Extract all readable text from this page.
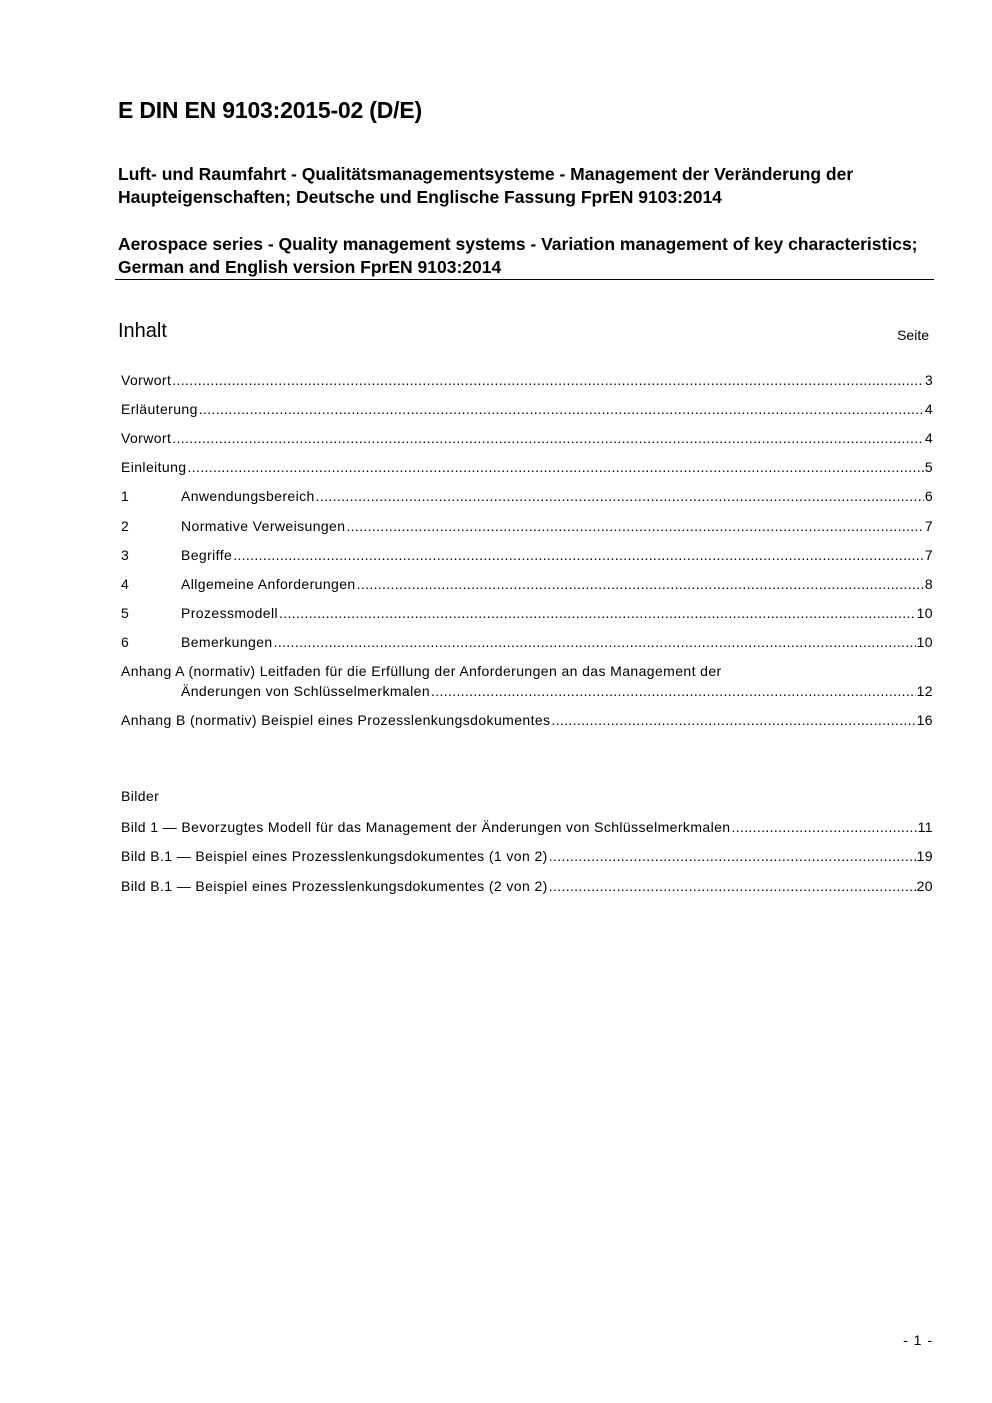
E DIN EN 9103:2015-02 (D/E)
Luft- und Raumfahrt - Qualitätsmanagementsysteme - Management der Veränderung der Haupteigenschaften; Deutsche und Englische Fassung FprEN 9103:2014
Aerospace series - Quality management systems - Variation management of key characteristics; German and English version FprEN 9103:2014
Inhalt	Seite
Vorwort .....	3
Erläuterung .....	4
Vorwort .....	4
Einleitung .....	5
1	Anwendungsbereich .....	6
2	Normative Verweisungen .....	7
3	Begriffe .....	7
4	Allgemeine Anforderungen .....	8
5	Prozessmodell .....	10
6	Bemerkungen .....	10
Anhang A (normativ) Leitfaden für die Erfüllung der Anforderungen an das Management der
Änderungen von Schlüsselmerkmalen .....	12
Anhang B (normativ) Beispiel eines Prozesslenkungsdokumentes .....	16
Bilder
Bild 1 — Bevorzugtes Modell für das Management der Änderungen von Schlüsselmerkmalen .....	11
Bild B.1 — Beispiel eines Prozesslenkungsdokumentes (1 von 2) .....	19
Bild B.1 — Beispiel eines Prozesslenkungsdokumentes (2 von 2) .....	20
- 1 -
